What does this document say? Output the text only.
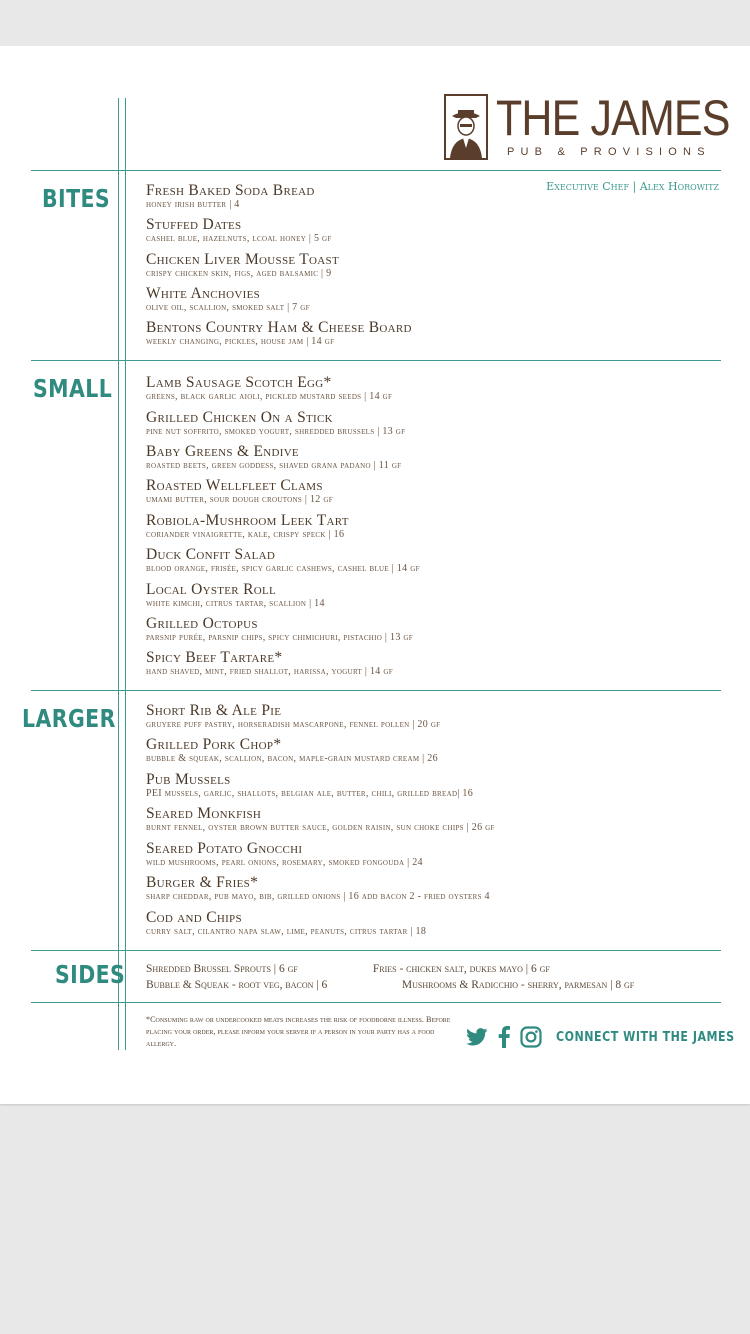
THE JAMES
PUB & PROVISIONS
Executive Chef | Alex Horowitz
BITES Fresh Baked Soda Bread
honey irish butter | 4
Stuffed Dates
cashel blue, hazelnuts, lcoal honey | 5 gf
Chicken Liver Mousse Toast
crispy chicken skin, figs, aged balsamic | 9
White Anchovies
olive oil, scallion, smoked salt | 7 gf
Bentons Country Ham & Cheese Board
weekly changing, pickles, house jam | 14 gf
SMALL Lamb Sausage Scotch Egg*
greens, black garlic aioli, pickled mustard seeds | 14 gf
Grilled Chicken On a Stick
pine nut soffrito, smoked yogurt, shredded brussels | 13 gf
Baby Greens & Endive
roasted beets, green goddess, shaved grana padano | 11 gf
Roasted Wellfleet Clams
umami butter, sour dough croutons | 12 gf
Robiola-Mushroom Leek Tart
coriander vinaigrette, kale, crispy speck | 16
Duck Confit Salad
blood orange, frisée, spicy garlic cashews, cashel blue | 14 gf
Local Oyster Roll
white kimchi, citrus tartar, scallion | 14
Grilled Octopus
parsnip purée, parsnip chips, spicy chimichuri, pistachio | 13 gf
Spicy Beef Tartare*
hand shaved, mint, fried shallot, harissa, yogurt | 14 gf
LARGER Short Rib & Ale Pie
gruyere puff pastry, horseradish mascarpone, fennel pollen | 20 gf
Grilled Pork Chop*
bubble & squeak, scallion, bacon, maple-grain mustard cream | 26
Pub Mussels
PEI mussels, garlic, shallots, belgian ale, butter, chili, grilled bread| 16
Seared Monkfish
burnt fennel, oyster brown butter sauce, golden raisin, sun choke chips | 26 gf
Seared Potato Gnocchi
wild mushrooms, pearl onions, rosemary, smoked fongouda | 24
Burger & Fries*
sharp cheddar, pub mayo, bib, grilled onions | 16 add bacon 2 - fried oysters 4
Cod and Chips
curry salt, cilantro napa slaw, lime, peanuts, citrus tartar | 18
SIDES Shredded Brussel Sprouts | 6 gf	Fries - chicken salt, dukes mayo | 6 gf
Bubble & Squeak - root veg, bacon | 6	Mushrooms & Radicchio - sherry, parmesan | 8 gf
*Consuming raw or undercooked meats increases the risk of foodborne illness. Before placing your order, please inform your server if a person in your party has a food allergy.	CONNECT WITH THE JAMES
